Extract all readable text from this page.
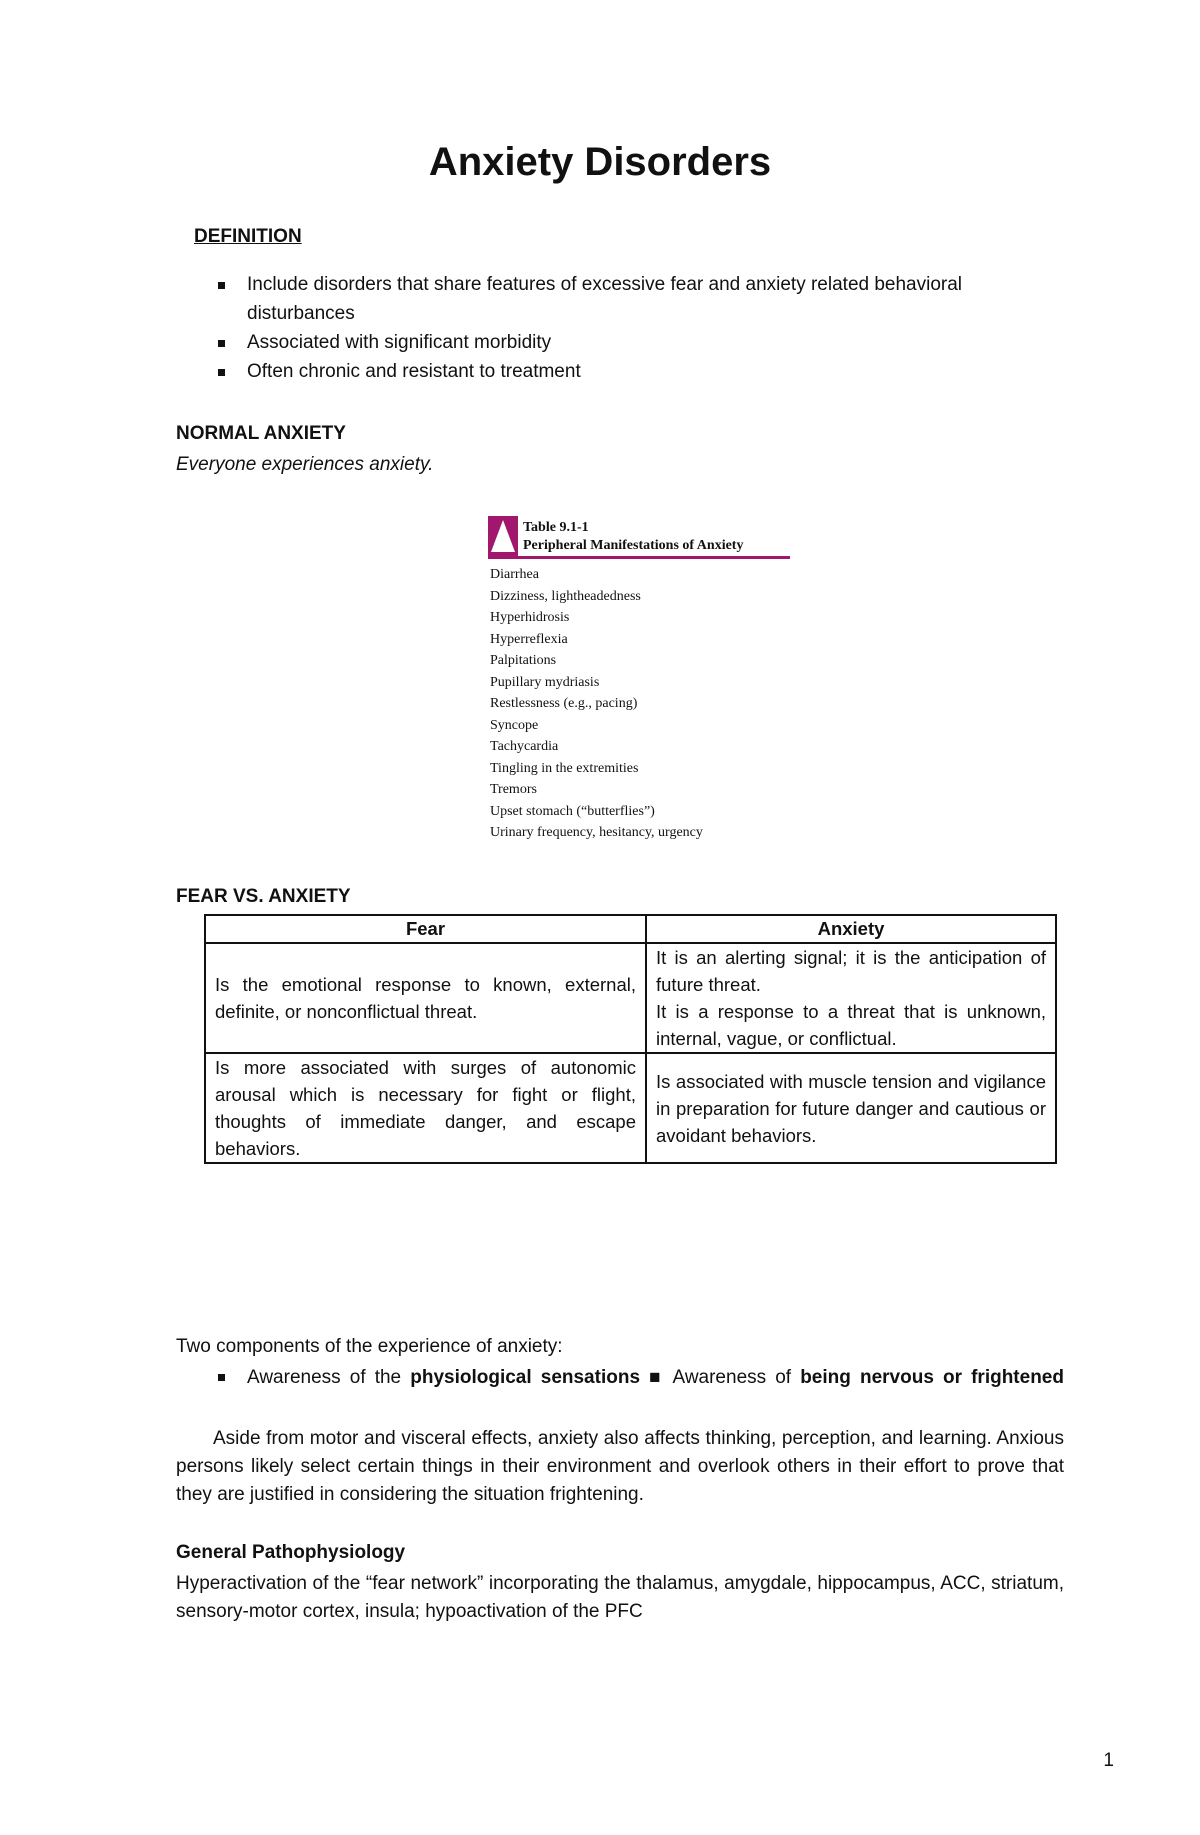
Anxiety Disorders
DEFINITION
Include disorders that share features of excessive fear and anxiety related behavioral disturbances
Associated with significant morbidity
Often chronic and resistant to treatment
NORMAL ANXIETY
Everyone experiences anxiety.
Table 9.1-1
Peripheral Manifestations of Anxiety
Diarrhea
Dizziness, lightheadedness
Hyperhidrosis
Hyperreflexia
Palpitations
Pupillary mydriasis
Restlessness (e.g., pacing)
Syncope
Tachycardia
Tingling in the extremities
Tremors
Upset stomach (“butterflies”)
Urinary frequency, hesitancy, urgency
FEAR VS. ANXIETY
Fear	Anxiety
Is the emotional response to known, external, definite, or nonconflictual threat.	It is an alerting signal; it is the anticipation of future threat.
It is a response to a threat that is unknown, internal, vague, or conflictual.

Is more associated with surges of autonomic arousal which is necessary for fight or flight, thoughts of immediate danger, and escape behaviors.	Is associated with muscle tension and vigilance in preparation for future danger and cautious or avoidant behaviors.
Two components of the experience of anxiety:
Awareness of the physiological sensations ■ Awareness of being nervous or frightened
Aside from motor and visceral effects, anxiety also affects thinking, perception, and learning. Anxious persons likely select certain things in their environment and overlook others in their effort to prove that they are justified in considering the situation frightening.
General Pathophysiology
Hyperactivation of the “fear network” incorporating the thalamus, amygdale, hippocampus, ACC, striatum, sensory-motor cortex, insula; hypoactivation of the PFC
1
